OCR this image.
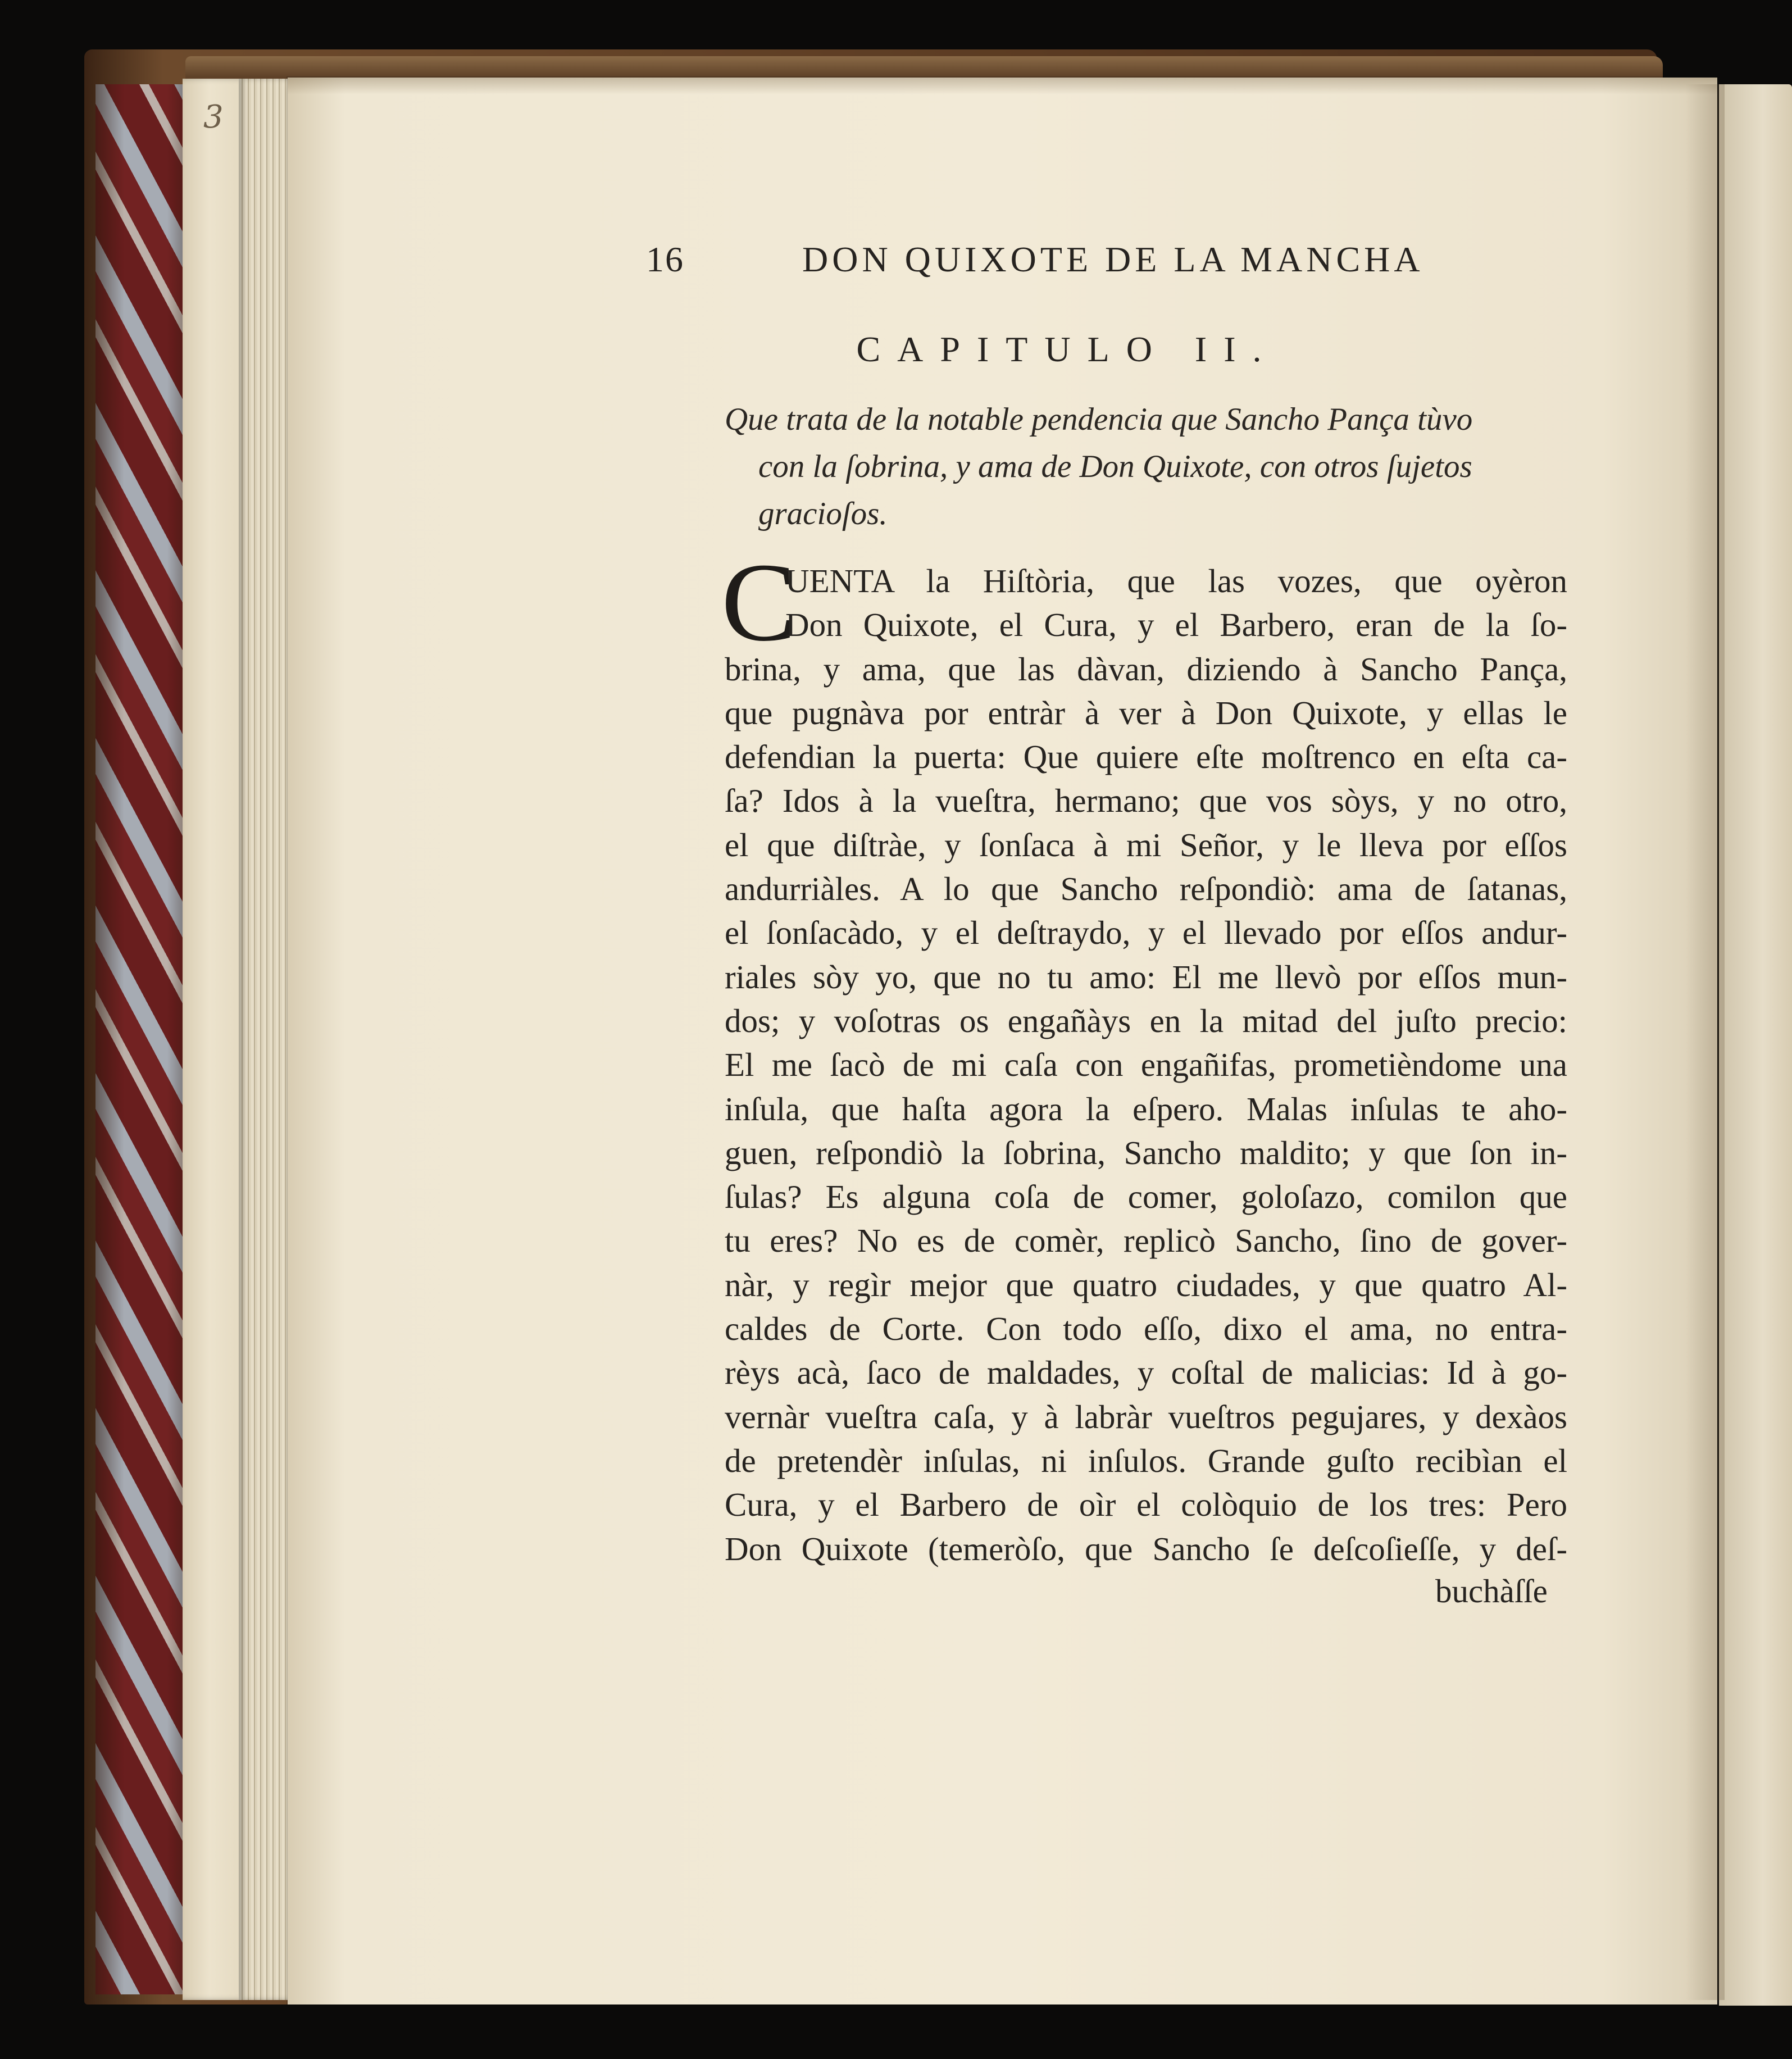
3
16	DON QUIXOTE DE LA MANCHA
CAPITULO II.
Que trata de la notable pendencia que Sancho Pança tùvo
con la ſobrina, y ama de Don Quixote, con otros ſujetos
gracioſos.
C
UENTA la Hiſtòria, que las vozes, que oyèron
Don Quixote, el Cura, y el Barbero, eran de la ſo-
brina, y ama, que las dàvan, diziendo à Sancho Pança,
que pugnàva por entràr à ver à Don Quixote, y ellas le
defendian la puerta: Que quiere eſte moſtrenco en eſta ca-
ſa? Idos à la vueſtra, hermano; que vos sòys, y no otro,
el que diſtràe, y ſonſaca à mi Señor, y le lleva por eſſos
andurriàles. A lo que Sancho reſpondiò: ama de ſatanas,
el ſonſacàdo, y el deſtraydo, y el llevado por eſſos andur-
riales sòy yo, que no tu amo: El me llevò por eſſos mun-
dos; y voſotras os engañàys en la mitad del juſto precio:
El me ſacò de mi caſa con engañifas, prometièndome una
inſula, que haſta agora la eſpero. Malas inſulas te aho-
guen, reſpondiò la ſobrina, Sancho maldito; y que ſon in-
ſulas? Es alguna coſa de comer, goloſazo, comilon que
tu eres? No es de comèr, replicò Sancho, ſino de gover-
nàr, y regìr mejor que quatro ciudades, y que quatro Al-
caldes de Corte. Con todo eſſo, dixo el ama, no entra-
rèys acà, ſaco de maldades, y coſtal de malicias: Id à go-
vernàr vueſtra caſa, y à labràr vueſtros pegujares, y dexàos
de pretendèr inſulas, ni inſulos. Grande guſto recibìan el
Cura, y el Barbero de oìr el colòquio de los tres: Pero
Don Quixote (temeròſo, que Sancho ſe deſcoſieſſe, y deſ-
buchàſſe
